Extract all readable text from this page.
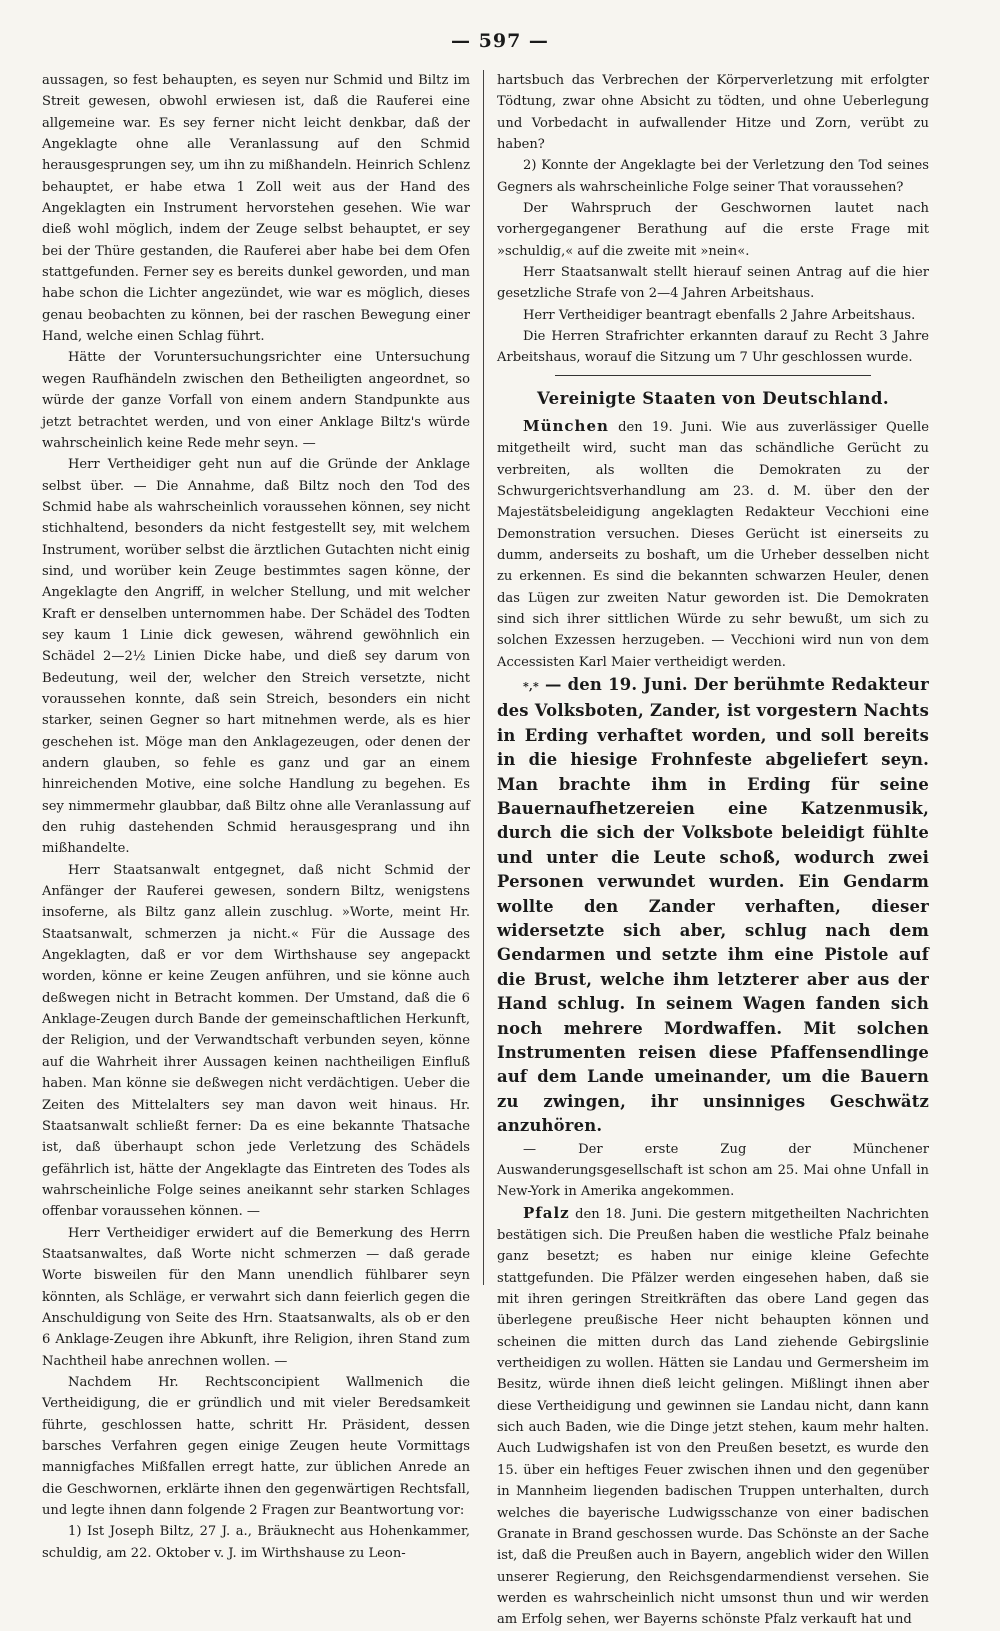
— 597 —

aussagen, so fest behaupten, es seyen nur Schmid und Biltz im Streit gewesen, obwohl erwiesen ist, daß die Rauferei eine allgemeine war. Es sey ferner nicht leicht denkbar, daß der Angeklagte ohne alle Veranlassung auf den Schmid herausgesprungen sey, um ihn zu mißhandeln. Heinrich Schlenz behauptet, er habe etwa 1 Zoll weit aus der Hand des Angeklagten ein Instrument hervorstehen gesehen. Wie war dieß wohl möglich, indem der Zeuge selbst behauptet, er sey bei der Thüre gestanden, die Rauferei aber habe bei dem Ofen stattgefunden. Ferner sey es bereits dunkel geworden, und man habe schon die Lichter angezündet, wie war es möglich, dieses genau beobachten zu können, bei der raschen Bewegung einer Hand, welche einen Schlag führt.

Hätte der Voruntersuchungsrichter eine Untersuchung wegen Raufhändeln zwischen den Betheiligten angeordnet, so würde der ganze Vorfall von einem andern Standpunkte aus jetzt betrachtet werden, und von einer Anklage Biltz's würde wahrscheinlich keine Rede mehr seyn. —

Herr Vertheidiger geht nun auf die Gründe der Anklage selbst über. — Die Annahme, daß Biltz noch den Tod des Schmid habe als wahrscheinlich voraussehen können, sey nicht stichhaltend, besonders da nicht festgestellt sey, mit welchem Instrument, worüber selbst die ärztlichen Gutachten nicht einig sind, und worüber kein Zeuge bestimmtes sagen könne, der Angeklagte den Angriff, in welcher Stellung, und mit welcher Kraft er denselben unternommen habe. Der Schädel des Todten sey kaum 1 Linie dick gewesen, während gewöhnlich ein Schädel 2—2½ Linien Dicke habe, und dieß sey darum von Bedeutung, weil der, welcher den Streich versetzte, nicht voraussehen konnte, daß sein Streich, besonders ein nicht starker, seinen Gegner so hart mitnehmen werde, als es hier geschehen ist. Möge man den Anklagezeugen, oder denen der andern glauben, so fehle es ganz und gar an einem hinreichenden Motive, eine solche Handlung zu begehen. Es sey nimmermehr glaubbar, daß Biltz ohne alle Veranlassung auf den ruhig dastehenden Schmid herausgesprang und ihn mißhandelte.

Herr Staatsanwalt entgegnet, daß nicht Schmid der Anfänger der Rauferei gewesen, sondern Biltz, wenigstens insoferne, als Biltz ganz allein zuschlug. »Worte, meint Hr. Staatsanwalt, schmerzen ja nicht.« Für die Aussage des Angeklagten, daß er vor dem Wirthshause sey angepackt worden, könne er keine Zeugen anführen, und sie könne auch deßwegen nicht in Betracht kommen. Der Umstand, daß die 6 Anklage-Zeugen durch Bande der gemeinschaftlichen Herkunft, der Religion, und der Verwandtschaft verbunden seyen, könne auf die Wahrheit ihrer Aussagen keinen nachtheiligen Einfluß haben. Man könne sie deßwegen nicht verdächtigen. Ueber die Zeiten des Mittelalters sey man davon weit hinaus. Hr. Staatsanwalt schließt ferner: Da es eine bekannte Thatsache ist, daß überhaupt schon jede Verletzung des Schädels gefährlich ist, hätte der Angeklagte das Eintreten des Todes als wahrscheinliche Folge seines aneikannt sehr starken Schlages offenbar voraussehen können. —

Herr Vertheidiger erwidert auf die Bemerkung des Herrn Staatsanwaltes, daß Worte nicht schmerzen — daß gerade Worte bisweilen für den Mann unendlich fühlbarer seyn könnten, als Schläge, er verwahrt sich dann feierlich gegen die Anschuldigung von Seite des Hrn. Staatsanwalts, als ob er den 6 Anklage-Zeugen ihre Abkunft, ihre Religion, ihren Stand zum Nachtheil habe anrechnen wollen. —

Nachdem Hr. Rechtsconcipient Wallmenich die Vertheidigung, die er gründlich und mit vieler Beredsamkeit führte, geschlossen hatte, schritt Hr. Präsident, dessen barsches Verfahren gegen einige Zeugen heute Vormittags mannigfaches Mißfallen erregt hatte, zur üblichen Anrede an die Geschwornen, erklärte ihnen den gegenwärtigen Rechtsfall, und legte ihnen dann folgende 2 Fragen zur Beantwortung vor:

1) Ist Joseph Biltz, 27 J. a., Bräuknecht aus Hohenkammer, schuldig, am 22. Oktober v. J. im Wirthshause zu Leon-

hartsbuch das Verbrechen der Körperverletzung mit erfolgter Tödtung, zwar ohne Absicht zu tödten, und ohne Ueberlegung und Vorbedacht in aufwallender Hitze und Zorn, verübt zu haben?

2) Konnte der Angeklagte bei der Verletzung den Tod seines Gegners als wahrscheinliche Folge seiner That voraussehen?

Der Wahrspruch der Geschwornen lautet nach vorhergegangener Berathung auf die erste Frage mit »schuldig,« auf die zweite mit »nein«.

Herr Staatsanwalt stellt hierauf seinen Antrag auf die hier gesetzliche Strafe von 2—4 Jahren Arbeitshaus.

Herr Vertheidiger beantragt ebenfalls 2 Jahre Arbeitshaus.

Die Herren Strafrichter erkannten darauf zu Recht 3 Jahre Arbeitshaus, worauf die Sitzung um 7 Uhr geschlossen wurde.

Vereinigte Staaten von Deutschland.

München den 19. Juni. Wie aus zuverlässiger Quelle mitgetheilt wird, sucht man das schändliche Gerücht zu verbreiten, als wollten die Demokraten zu der Schwurgerichtsverhandlung am 23. d. M. über den der Majestätsbeleidigung angeklagten Redakteur Vecchioni eine Demonstration versuchen. Dieses Gerücht ist einerseits zu dumm, anderseits zu boshaft, um die Urheber desselben nicht zu erkennen. Es sind die bekannten schwarzen Heuler, denen das Lügen zur zweiten Natur geworden ist. Die Demokraten sind sich ihrer sittlichen Würde zu sehr bewußt, um sich zu solchen Exzessen herzugeben. — Vecchioni wird nun von dem Accessisten Karl Maier vertheidigt werden.

*,* — den 19. Juni. Der berühmte Redakteur des Volksboten, Zander, ist vorgestern Nachts in Erding verhaftet worden, und soll bereits in die hiesige Frohnfeste abgeliefert seyn. Man brachte ihm in Erding für seine Bauernaufhetzereien eine Katzenmusik, durch die sich der Volksbote beleidigt fühlte und unter die Leute schoß, wodurch zwei Personen verwundet wurden. Ein Gendarm wollte den Zander verhaften, dieser widersetzte sich aber, schlug nach dem Gendarmen und setzte ihm eine Pistole auf die Brust, welche ihm letzterer aber aus der Hand schlug. In seinem Wagen fanden sich noch mehrere Mordwaffen. Mit solchen Instrumenten reisen diese Pfaffensendlinge auf dem Lande umeinander, um die Bauern zu zwingen, ihr unsinniges Geschwätz anzuhören.

— Der erste Zug der Münchener Auswanderungsgesellschaft ist schon am 25. Mai ohne Unfall in New-York in Amerika angekommen.

Pfalz den 18. Juni. Die gestern mitgetheilten Nachrichten bestätigen sich. Die Preußen haben die westliche Pfalz beinahe ganz besetzt; es haben nur einige kleine Gefechte stattgefunden. Die Pfälzer werden eingesehen haben, daß sie mit ihren geringen Streitkräften das obere Land gegen das überlegene preußische Heer nicht behaupten können und scheinen die mitten durch das Land ziehende Gebirgslinie vertheidigen zu wollen. Hätten sie Landau und Germersheim im Besitz, würde ihnen dieß leicht gelingen. Mißlingt ihnen aber diese Vertheidigung und gewinnen sie Landau nicht, dann kann sich auch Baden, wie die Dinge jetzt stehen, kaum mehr halten. Auch Ludwigshafen ist von den Preußen besetzt, es wurde den 15. über ein heftiges Feuer zwischen ihnen und den gegenüber in Mannheim liegenden badischen Truppen unterhalten, durch welches die bayerische Ludwigsschanze von einer badischen Granate in Brand geschossen wurde. Das Schönste an der Sache ist, daß die Preußen auch in Bayern, angeblich wider den Willen unserer Regierung, den Reichsgendarmendienst versehen. Sie werden es wahrscheinlich nicht umsonst thun und wir werden am Erfolg sehen, wer Bayerns schönste Pfalz verkauft hat und
